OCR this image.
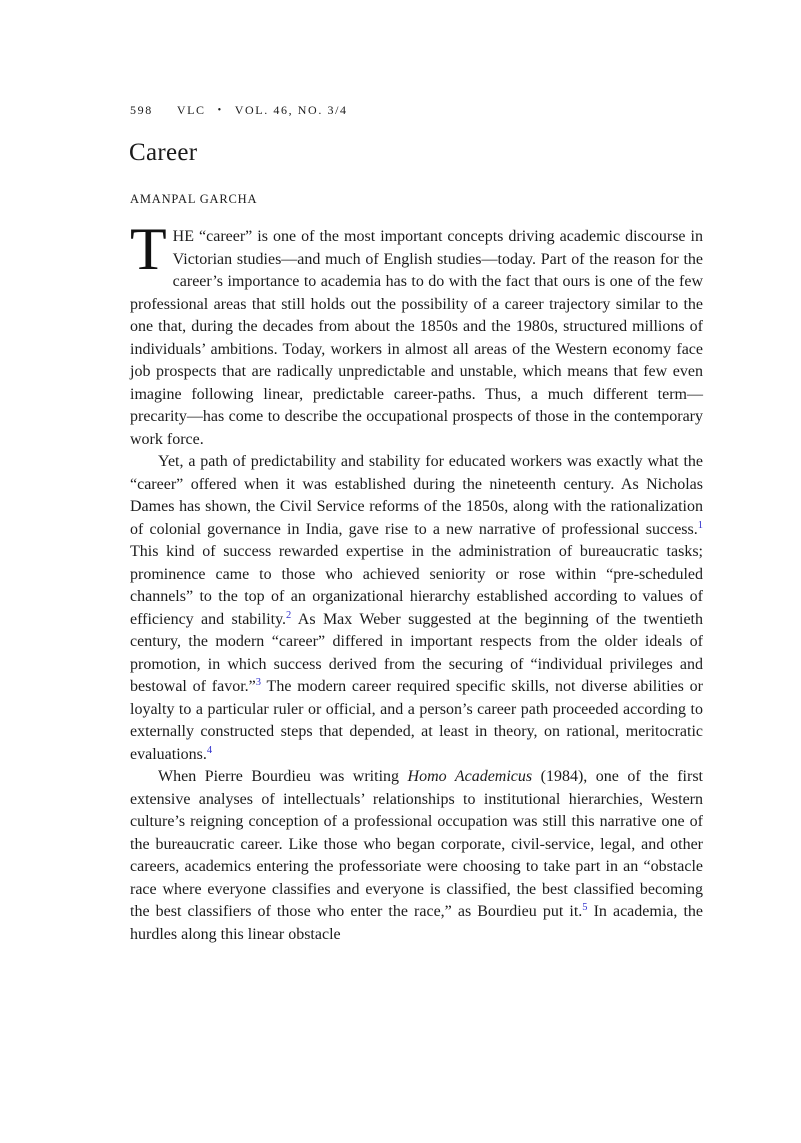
598 VLC • VOL. 46, NO. 3/4
Career
AMANPAL GARCHA

THE “career” is one of the most important concepts driving academic discourse in Victorian studies—and much of English studies—today. Part of the reason for the career’s importance to academia has to do with the fact that ours is one of the few professional areas that still holds out the possibility of a career trajectory similar to the one that, during the decades from about the 1850s and the 1980s, structured millions of individuals’ ambitions. Today, workers in almost all areas of the Western economy face job prospects that are radically unpredictable and unstable, which means that few even imagine following linear, predictable career-paths. Thus, a much different term—precarity—has come to describe the occupational prospects of those in the contemporary work force.

Yet, a path of predictability and stability for educated workers was exactly what the “career” offered when it was established during the nineteenth century. As Nicholas Dames has shown, the Civil Service reforms of the 1850s, along with the rationalization of colonial governance in India, gave rise to a new narrative of professional success.$^1$ This kind of success rewarded expertise in the administration of bureaucratic tasks; prominence came to those who achieved seniority or rose within “pre-scheduled channels” to the top of an organizational hierarchy established according to values of efficiency and stability.$^2$ As Max Weber suggested at the beginning of the twentieth century, the modern “career” differed in important respects from the older ideals of promotion, in which success derived from the securing of “individual privileges and bestowal of favor.”$^3$ The modern career required specific skills, not diverse abilities or loyalty to a particular ruler or official, and a person’s career path proceeded according to externally constructed steps that depended, at least in theory, on rational, meritocratic evaluations.$^4$

When Pierre Bourdieu was writing Homo Academicus (1984), one of the first extensive analyses of intellectuals’ relationships to institutional hierarchies, Western culture’s reigning conception of a professional occupation was still this narrative one of the bureaucratic career. Like those who began corporate, civil-service, legal, and other careers, academics entering the professoriate were choosing to take part in an “obstacle race where everyone classifies and everyone is classified, the best classified becoming the best classifiers of those who enter the race,” as Bourdieu put it.$^5$ In academia, the hurdles along this linear obstacle
